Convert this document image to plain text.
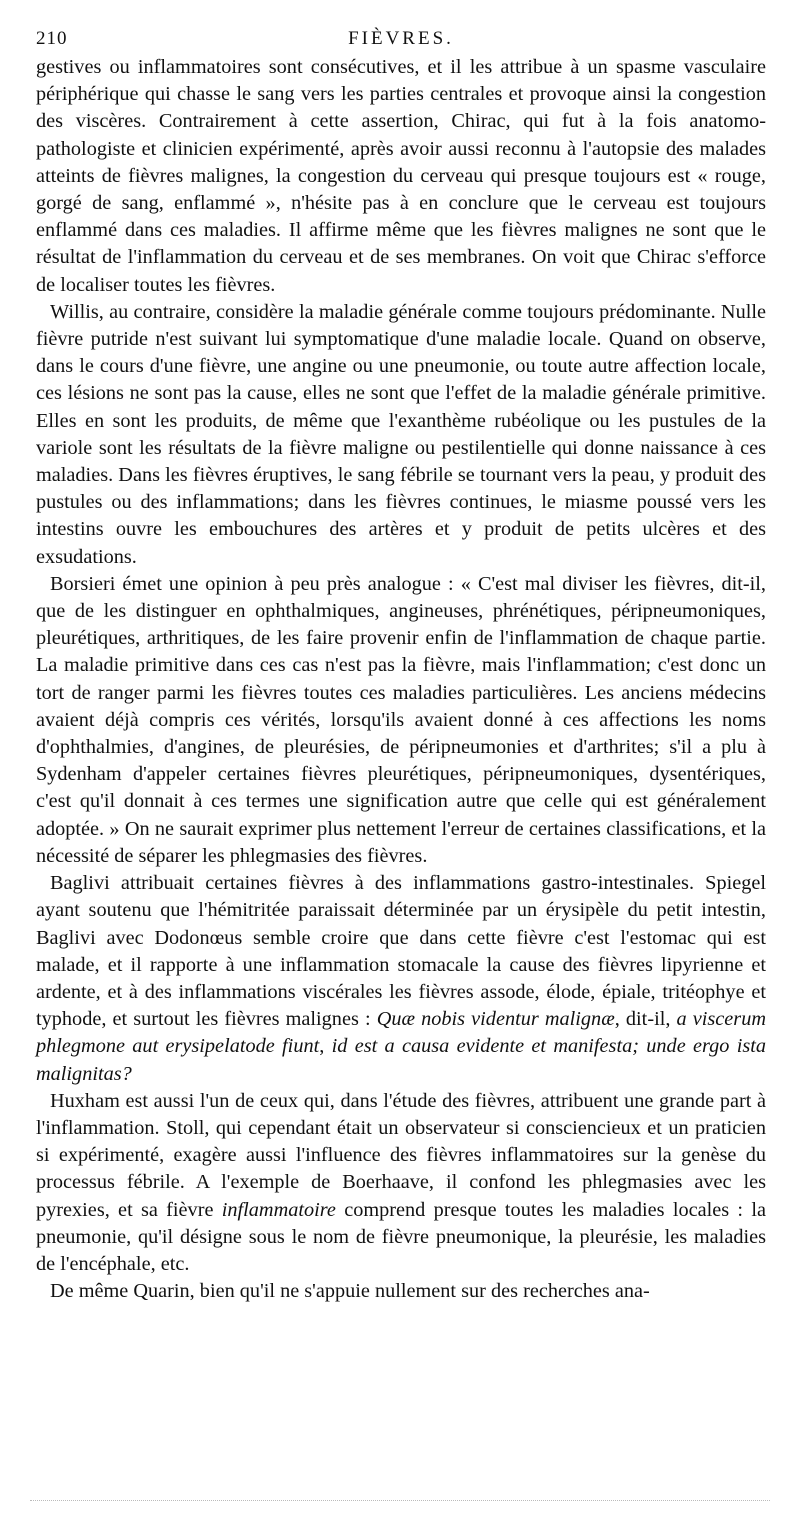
210	FIÈVRES.

gestives ou inflammatoires sont consécutives, et il les attribue à un spasme vasculaire périphérique qui chasse le sang vers les parties centrales et provoque ainsi la congestion des viscères. Contrairement à cette assertion, Chirac, qui fut à la fois anatomo-pathologiste et clinicien expérimenté, après avoir aussi reconnu à l'autopsie des malades atteints de fièvres malignes, la congestion du cerveau qui presque toujours est « rouge, gorgé de sang, enflammé », n'hésite pas à en conclure que le cerveau est toujours enflammé dans ces maladies. Il affirme même que les fièvres malignes ne sont que le résultat de l'inflammation du cerveau et de ses membranes. On voit que Chirac s'efforce de localiser toutes les fièvres.

Willis, au contraire, considère la maladie générale comme toujours prédominante. Nulle fièvre putride n'est suivant lui symptomatique d'une maladie locale. Quand on observe, dans le cours d'une fièvre, une angine ou une pneumonie, ou toute autre affection locale, ces lésions ne sont pas la cause, elles ne sont que l'effet de la maladie générale primitive. Elles en sont les produits, de même que l'exanthème rubéolique ou les pustules de la variole sont les résultats de la fièvre maligne ou pestilentielle qui donne naissance à ces maladies. Dans les fièvres éruptives, le sang fébrile se tournant vers la peau, y produit des pustules ou des inflammations; dans les fièvres continues, le miasme poussé vers les intestins ouvre les embouchures des artères et y produit de petits ulcères et des exsudations.

Borsieri émet une opinion à peu près analogue : « C'est mal diviser les fièvres, dit-il, que de les distinguer en ophthalmiques, angineuses, phrénétiques, péripneumoniques, pleurétiques, arthritiques, de les faire provenir enfin de l'inflammation de chaque partie. La maladie primitive dans ces cas n'est pas la fièvre, mais l'inflammation; c'est donc un tort de ranger parmi les fièvres toutes ces maladies particulières. Les anciens médecins avaient déjà compris ces vérités, lorsqu'ils avaient donné à ces affections les noms d'ophthalmies, d'angines, de pleurésies, de péripneumonies et d'arthrites; s'il a plu à Sydenham d'appeler certaines fièvres pleurétiques, péripneumoniques, dysentériques, c'est qu'il donnait à ces termes une signification autre que celle qui est généralement adoptée. » On ne saurait exprimer plus nettement l'erreur de certaines classifications, et la nécessité de séparer les phlegmasies des fièvres.

Baglivi attribuait certaines fièvres à des inflammations gastro-intestinales. Spiegel ayant soutenu que l'hémitritée paraissait déterminée par un érysipèle du petit intestin, Baglivi avec Dodonœus semble croire que dans cette fièvre c'est l'estomac qui est malade, et il rapporte à une inflammation stomacale la cause des fièvres lipyrienne et ardente, et à des inflammations viscérales les fièvres assode, élode, épiale, tritéophye et typhode, et surtout les fièvres malignes : Quæ nobis videntur malignæ, dit-il, a viscerum phlegmone aut erysipelatode fiunt, id est a causa evidente et manifesta; unde ergo ista malignitas?

Huxham est aussi l'un de ceux qui, dans l'étude des fièvres, attribuent une grande part à l'inflammation. Stoll, qui cependant était un observateur si consciencieux et un praticien si expérimenté, exagère aussi l'influence des fièvres inflammatoires sur la genèse du processus fébrile. A l'exemple de Boerhaave, il confond les phlegmasies avec les pyrexies, et sa fièvre inflammatoire comprend presque toutes les maladies locales : la pneumonie, qu'il désigne sous le nom de fièvre pneumonique, la pleurésie, les maladies de l'encéphale, etc.

De même Quarin, bien qu'il ne s'appuie nullement sur des recherches ana-
